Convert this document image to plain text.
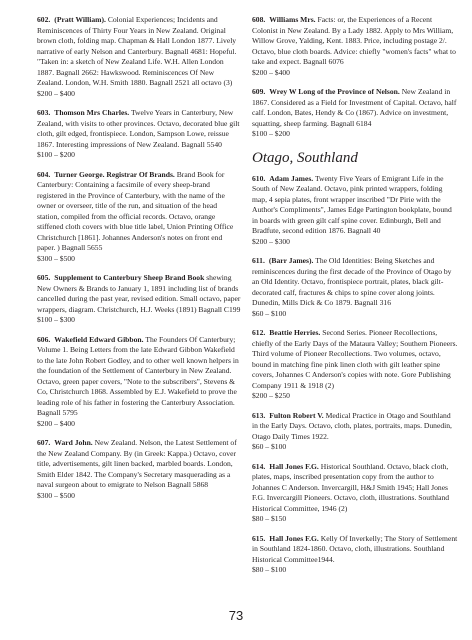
602. (Pratt William). Colonial Experiences; Incidents and Reminiscences of Thirty Four Years in New Zealand. Original brown cloth, folding map. Chapman & Hall London 1877. Lively narrative of early Nelson and Canterbury. Bagnall 4681: Hopeful. "Taken in: a sketch of New Zealand Life. W.H. Allen London 1887. Bagnall 2662: Hawkswood. Reminiscences Of New Zealand. London, W.H. Smith 1880. Bagnall 2521 all octavo (3)
$200 – $400

603. Thomson Mrs Charles. Twelve Years in Canterbury, New Zealand, with visits to other provinces. Octavo, decorated blue gilt cloth, gilt edged, frontispiece. London, Sampson Lowe, reissue 1867. Interesting impressions of New Zealand. Bagnall 5540
$100 – $200

604. Turner George. Registrar Of Brands. Brand Book for Canterbury: Containing a facsimile of every sheep-brand registered in the Province of Canterbury, with the name of the owner or overseer, title of the run, and situation of the head station, compiled from the official records. Octavo, orange stiffened cloth covers with blue title label, Union Printing Office Christchurch [1861]. Johannes Anderson's notes on front end paper. ) Bagnall 5655
$300 – $500

605. Supplement to Canterbury Sheep Brand Book shewing New Owners & Brands to January 1, 1891 including list of brands cancelled during the past year, revised edition. Small octavo, paper wrappers, diagram. Christchurch, H.J. Weeks (1891) Bagnall C199
$100 – $300

606. Wakefield Edward Gibbon. The Founders Of Canterbury; Volume 1. Being Letters from the late Edward Gibbon Wakefield to the late John Robert Godley, and to other well known helpers in the foundation of the Settlement of Canterbury in New Zealand. Octavo, green paper covers, "Note to the subscribers", Stevens & Co, Christchurch 1868. Assembled by E.J. Wakefield to prove the leading role of his father in fostering the Canterbury Association. Bagnall 5795
$200 – $400

607. Ward John. New Zealand. Nelson, the Latest Settlement of the New Zealand Company. By (in Greek: Kappa.) Octavo, cover title, advertisements, gilt linen backed, marbled boards. London, Smith Elder 1842. The Company's Secretary masquerading as a naval surgeon about to emigrate to Nelson Bagnall 5868
$300 – $500

608. Williams Mrs. Facts: or, the Experiences of a Recent Colonist in New Zealand. By a Lady 1882. Apply to Mrs William, Willow Grove, Yalding, Kent. 1883. Price, including postage 2/. Octavo, blue cloth boards. Advice: chiefly "women's facts" what to take and expect. Bagnall 6076
$200 – $400

609. Wrey W Long of the Province of Nelson. New Zealand in 1867. Considered as a Field for Investment of Capital. Octavo, half calf. London, Bates, Hendy & Co (1867). Advice on investment, squatting, sheep farming. Bagnall 6184
$100 – $200

Otago, Southland

610. Adam James. Twenty Five Years of Emigrant Life in the South of New Zealand. Octavo, pink printed wrappers, folding map, 4 sepia plates, front wrapper inscribed "Dr Pirie with the Author's Compliments", James Edge Partington bookplate, bound in boards with green gilt calf spine cover. Edinburgh, Bell and Bradfute, second edition 1876. Bagnall 40
$200 – $300

611. (Barr James). The Old Identities: Being Sketches and reminiscences during the first decade of the Province of Otago by an Old Identity. Octavo, frontispiece portrait, plates, black gilt-decorated calf, fractures & chips to spine cover along joints. Dunedin, Mills Dick & Co 1879. Bagnall 316
$60 – $100

612. Beattie Herries. Second Series. Pioneer Recollections, chiefly of the Early Days of the Mataura Valley; Southern Pioneers. Third volume of Pioneer Recollections. Two volumes, octavo, bound in matching fine pink linen cloth with gilt leather spine covers, Johannes C Anderson's copies with note. Gore Publishing Company 1911 & 1918 (2)
$200 – $250

613. Fulton Robert V. Medical Practice in Otago and Southland in the Early Days. Octavo, cloth, plates, portraits, maps. Dunedin, Otago Daily Times 1922.
$60 – $100

614. Hall Jones F.G. Historical Southland. Octavo, black cloth, plates, maps, inscribed presentation copy from the author to Johannes C Anderson. Invercargill, H&J Smith 1945; Hall Jones F.G. Invercargill Pioneers. Octavo, cloth, illustrations. Southland Historical Committee, 1946 (2)
$80 – $150

615. Hall Jones F.G. Kelly Of Inverkelly; The Story of Settlement in Southland 1824-1860. Octavo, cloth, illustrations. Southland Historical Committee1944.
$80 – $100

73
